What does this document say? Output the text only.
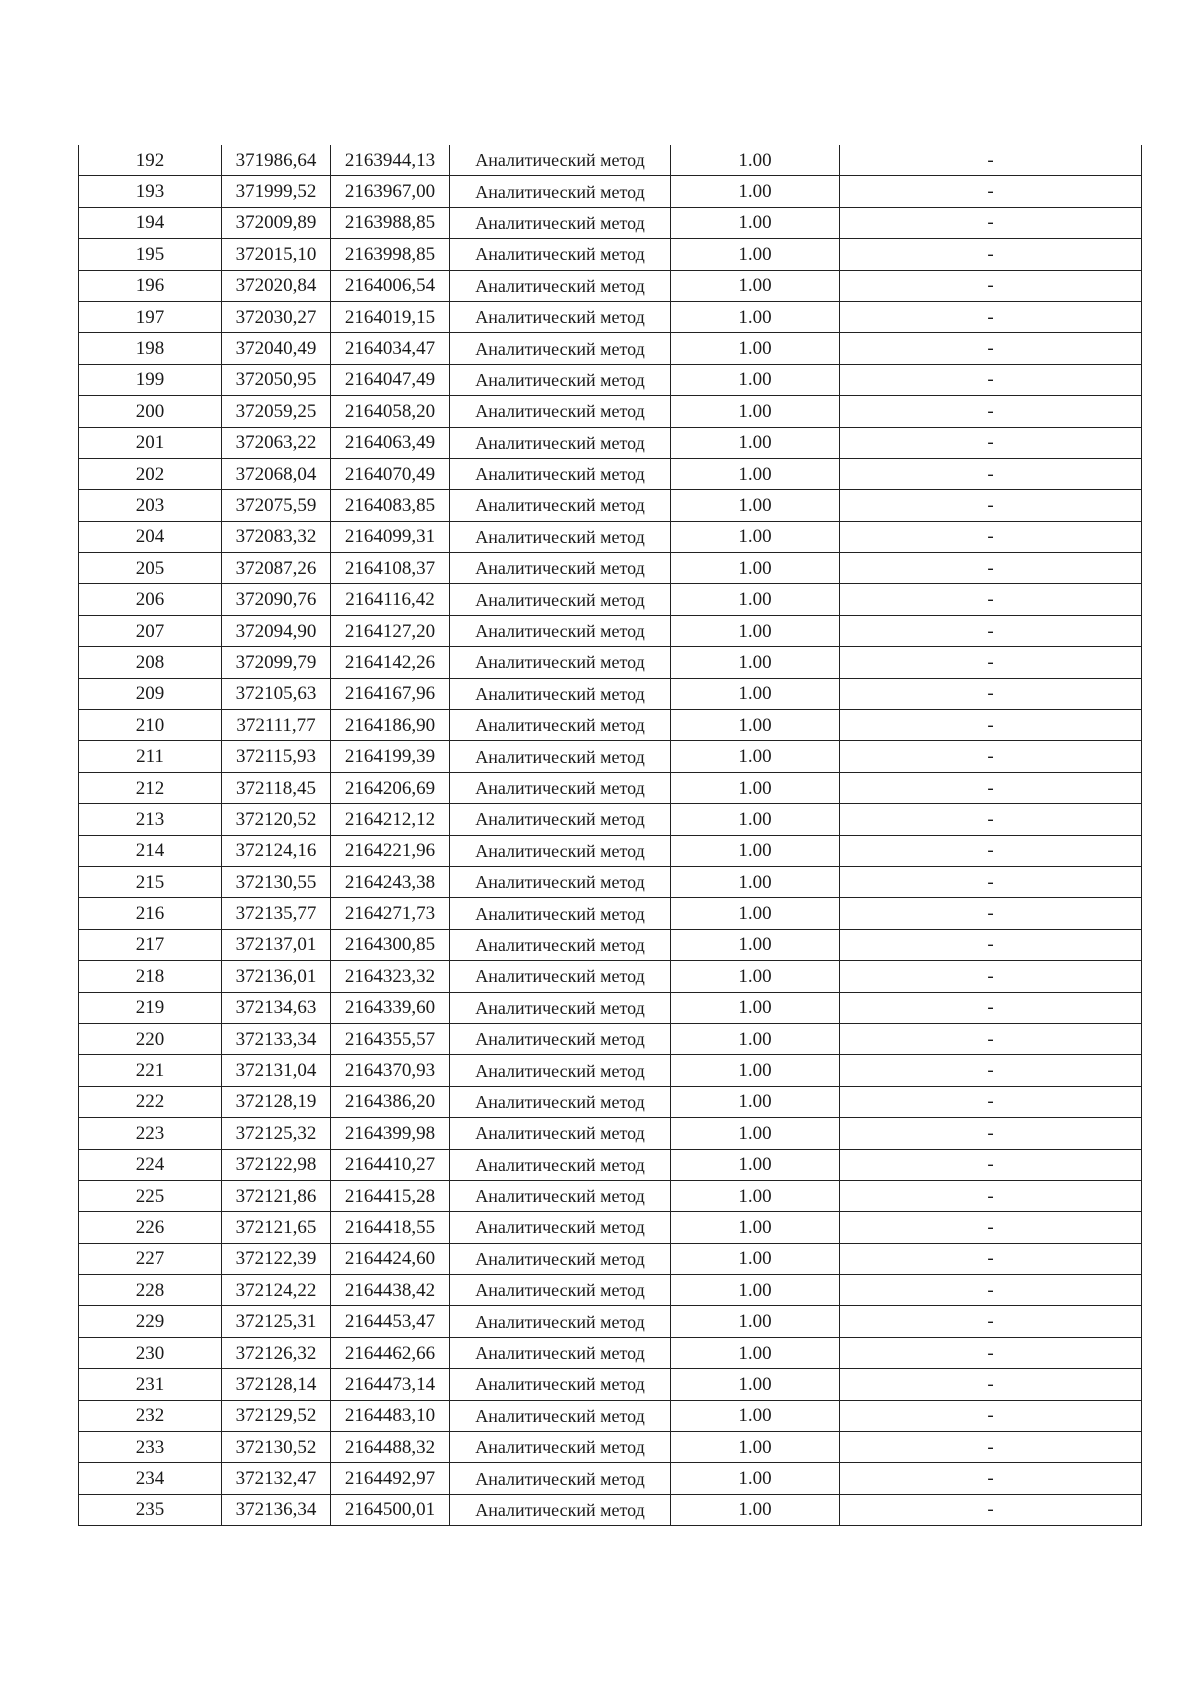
192	371986,64	2163944,13	Аналитический метод	1.00	-
193	371999,52	2163967,00	Аналитический метод	1.00	-
194	372009,89	2163988,85	Аналитический метод	1.00	-
195	372015,10	2163998,85	Аналитический метод	1.00	-
196	372020,84	2164006,54	Аналитический метод	1.00	-
197	372030,27	2164019,15	Аналитический метод	1.00	-
198	372040,49	2164034,47	Аналитический метод	1.00	-
199	372050,95	2164047,49	Аналитический метод	1.00	-
200	372059,25	2164058,20	Аналитический метод	1.00	-
201	372063,22	2164063,49	Аналитический метод	1.00	-
202	372068,04	2164070,49	Аналитический метод	1.00	-
203	372075,59	2164083,85	Аналитический метод	1.00	-
204	372083,32	2164099,31	Аналитический метод	1.00	-
205	372087,26	2164108,37	Аналитический метод	1.00	-
206	372090,76	2164116,42	Аналитический метод	1.00	-
207	372094,90	2164127,20	Аналитический метод	1.00	-
208	372099,79	2164142,26	Аналитический метод	1.00	-
209	372105,63	2164167,96	Аналитический метод	1.00	-
210	372111,77	2164186,90	Аналитический метод	1.00	-
211	372115,93	2164199,39	Аналитический метод	1.00	-
212	372118,45	2164206,69	Аналитический метод	1.00	-
213	372120,52	2164212,12	Аналитический метод	1.00	-
214	372124,16	2164221,96	Аналитический метод	1.00	-
215	372130,55	2164243,38	Аналитический метод	1.00	-
216	372135,77	2164271,73	Аналитический метод	1.00	-
217	372137,01	2164300,85	Аналитический метод	1.00	-
218	372136,01	2164323,32	Аналитический метод	1.00	-
219	372134,63	2164339,60	Аналитический метод	1.00	-
220	372133,34	2164355,57	Аналитический метод	1.00	-
221	372131,04	2164370,93	Аналитический метод	1.00	-
222	372128,19	2164386,20	Аналитический метод	1.00	-
223	372125,32	2164399,98	Аналитический метод	1.00	-
224	372122,98	2164410,27	Аналитический метод	1.00	-
225	372121,86	2164415,28	Аналитический метод	1.00	-
226	372121,65	2164418,55	Аналитический метод	1.00	-
227	372122,39	2164424,60	Аналитический метод	1.00	-
228	372124,22	2164438,42	Аналитический метод	1.00	-
229	372125,31	2164453,47	Аналитический метод	1.00	-
230	372126,32	2164462,66	Аналитический метод	1.00	-
231	372128,14	2164473,14	Аналитический метод	1.00	-
232	372129,52	2164483,10	Аналитический метод	1.00	-
233	372130,52	2164488,32	Аналитический метод	1.00	-
234	372132,47	2164492,97	Аналитический метод	1.00	-
235	372136,34	2164500,01	Аналитический метод	1.00	-
